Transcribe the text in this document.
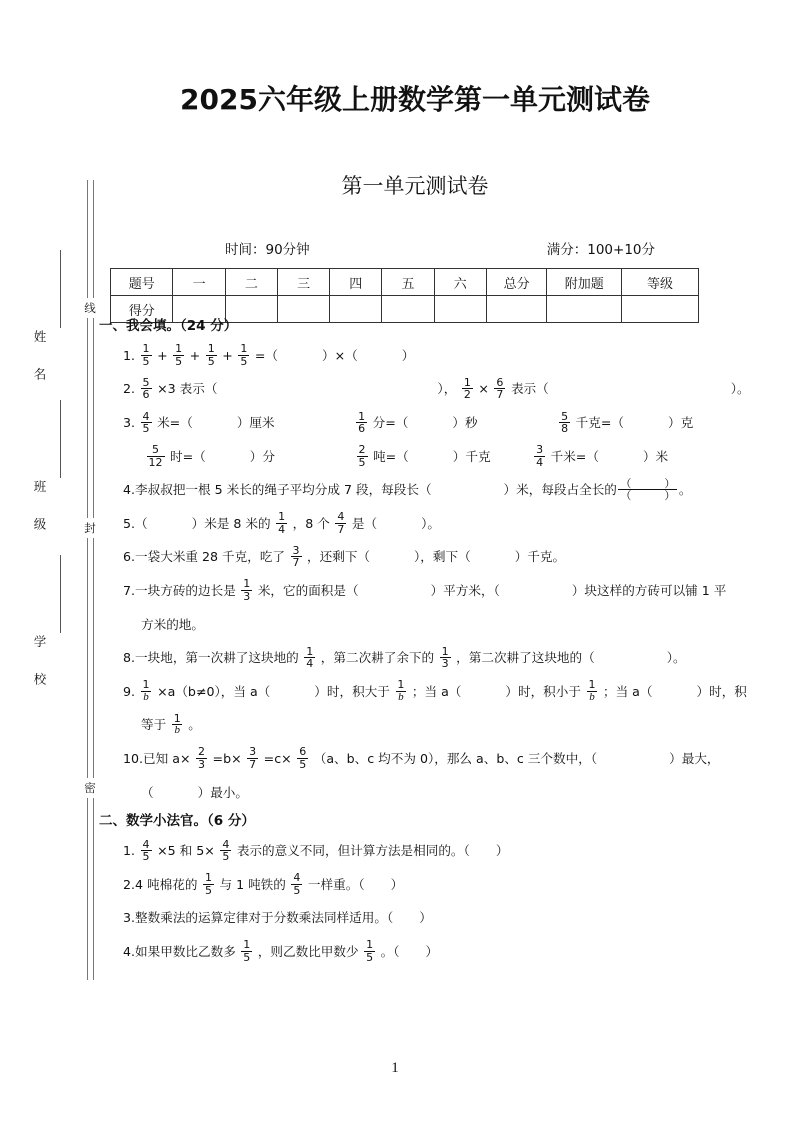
姓 名
班 级
学 校
线
封
密
2025六年级上册数学第一单元测试卷
第一单元测试卷
时间：90分钟	满分：100+10分
题号	一	二	三	四	五	六	总分	附加题	等级
得分									
一、我会填。（24 分）
1. $\frac{1}{5} + \frac{1}{5} + \frac{1}{5} + \frac{1}{5}$ =（	）×（	）
2. $\frac{5}{6} \times 3$ 表示（	）， $\frac{1}{2} \times \frac{6}{7}$ 表示（	）。
3. $\frac{4}{5}$ 米=（	）厘米	$\frac{1}{6}$ 分=（	）秒	$\frac{5}{8}$ 千克=（	）克

$\frac{5}{12}$ 时=（	）分	$\frac{2}{5}$ 吨=（	）千克	$\frac{3}{4}$ 千米=（	）米
4.李叔叔把一根 5 米长的绳子平均分成 7 段，每段长（	）米，每段占全长的 $\frac{( )}{( )}$ 。
5.（	）米是 8 米的 $\frac{1}{4}$ ，8 个 $\frac{4}{7}$ 是（	）。
6.一袋大米重 28 千克，吃了 $\frac{3}{7}$ ，还剩下（	），剩下（	）千克。
7.一块方砖的边长是 $\frac{1}{3}$ 米，它的面积是（	）平方米，（	）块这样的方砖可以铺 1 平
方米的地。
8.一块地，第一次耕了这块地的 $\frac{1}{4}$ ，第二次耕了余下的 $\frac{1}{3}$ ，第二次耕了这块地的（	）。
9. $\frac{1}{b} \times a(b\ne 0)$，当 a（	）时，积大于 $\frac{1}{b}$ ；当 a（	）时，积小于 $\frac{1}{b}$ ；当 a（	）时，积
等于 $\frac{1}{b}$ 。
10.已知 $a\times \frac{2}{3} =b\times \frac{3}{7} =c\times \frac{6}{5} (a$、b、c 均不为 0），那么 a、b、c 三个数中，（	）最大，
（	）最小。
二、数学小法官。（6 分）
1. $\frac{4}{5} \times 5$ 和 $5\times \frac{4}{5}$ 表示的意义不同，但计算方法是相同的。（ ）
2.4 吨棉花的 $\frac{1}{5}$ 与 1 吨铁的 $\frac{4}{5}$ 一样重。（ ）
3.整数乘法的运算定律对于分数乘法同样适用。（ ）
4.如果甲数比乙数多 $\frac{1}{5}$ ，则乙数比甲数少 $\frac{1}{5}$ 。（ ）
1
